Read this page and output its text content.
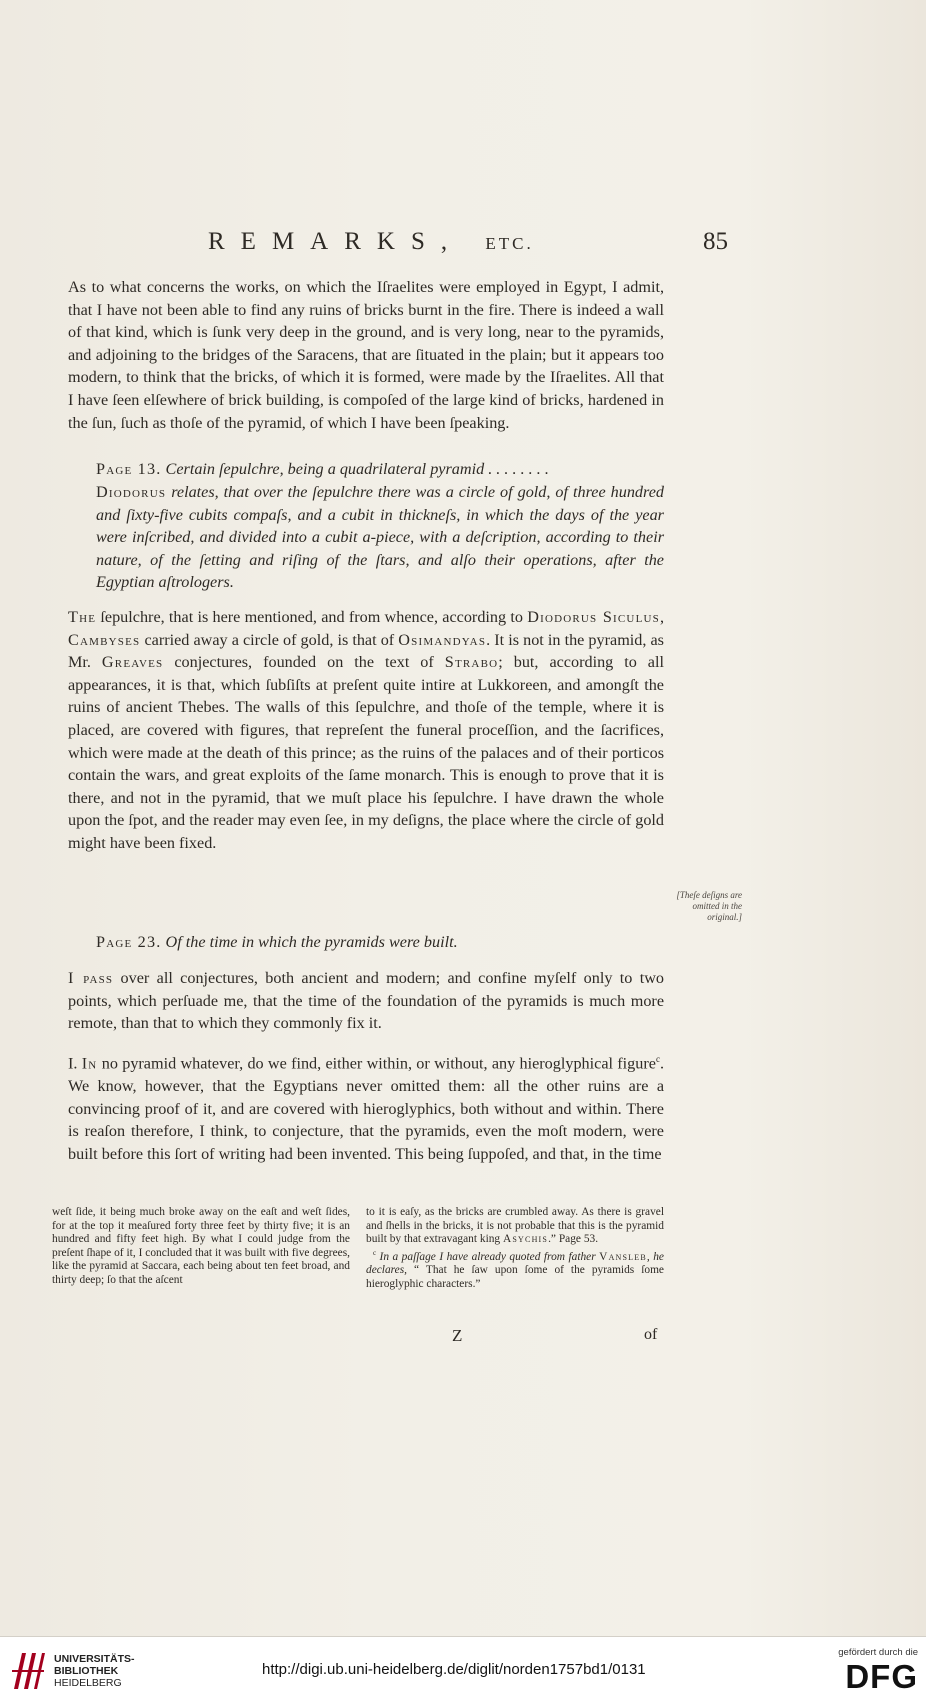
REMARKS, ETC.	85

As to what concerns the works, on which the Iſraelites were employed in Egypt, I admit, that I have not been able to find any ruins of bricks burnt in the fire. There is indeed a wall of that kind, which is ſunk very deep in the ground, and is very long, near to the pyramids, and adjoining to the bridges of the Saracens, that are ſituated in the plain; but it appears too modern, to think that the bricks, of which it is formed, were made by the Iſraelites. All that I have ſeen elſewhere of brick building, is compoſed of the large kind of bricks, hardened in the ſun, ſuch as thoſe of the pyramid, of which I have been ſpeaking.

Page 13. Certain ſepulchre, being a quadrilateral pyramid . . . . . . . .

Diodorus relates, that over the ſepulchre there was a circle of gold, of three hundred and ſixty-five cubits compaſs, and a cubit in thickneſs, in which the days of the year were inſcribed, and divided into a cubit a-piece, with a deſcription, according to their nature, of the ſetting and riſing of the ſtars, and alſo their operations, after the Egyptian aſtrologers.

The ſepulchre, that is here mentioned, and from whence, according to Diodorus Siculus, Cambyses carried away a circle of gold, is that of Osimandyas. It is not in the pyramid, as Mr. Greaves conjectures, founded on the text of Strabo; but, according to all appearances, it is that, which ſubſiſts at preſent quite intire at Lukkoreen, and amongſt the ruins of ancient Thebes. The walls of this ſepulchre, and thoſe of the temple, where it is placed, are covered with figures, that repreſent the funeral proceſſion, and the ſacrifices, which were made at the death of this prince; as the ruins of the palaces and of their porticos contain the wars, and great exploits of the ſame monarch. This is enough to prove that it is there, and not in the pyramid, that we muſt place his ſepulchre. I have drawn the whole upon the ſpot, and the reader may even ſee, in my deſigns, the place where the circle of gold might have been fixed.

[Theſe deſigns are omitted in the original.]

Page 23. Of the time in which the pyramids were built.

I pass over all conjectures, both ancient and modern; and confine myſelf only to two points, which perſuade me, that the time of the foundation of the pyramids is much more remote, than that to which they commonly fix it.

I. In no pyramid whatever, do we find, either within, or without, any hieroglyphical figure$^c$. We know, however, that the Egyptians never omitted them: all the other ruins are a convincing proof of it, and are covered with hieroglyphics, both without and within. There is reaſon therefore, I think, to conjecture, that the pyramids, even the moſt modern, were built before this ſort of writing had been invented. This being ſuppoſed, and that, in the time

weſt ſide, it being much broke away on the eaſt and weſt ſides, for at the top it meaſured forty three feet by thirty five; it is an hundred and fifty feet high. By what I could judge from the preſent ſhape of it, I concluded that it was built with five degrees, like the pyramid at Saccara, each being about ten feet broad, and thirty deep; ſo that the aſcent
to it is eaſy, as the bricks are crumbled away. As there is gravel and ſhells in the bricks, it is not probable that this is the pyramid built by that extravagant king Asychis.” Page 53.
$^c$ In a paſſage I have already quoted from father Vansleb, he declares, “ That he ſaw upon ſome of the pyramids ſome hieroglyphic characters.”
Z	of
UNIVERSITÄTS-
BIBLIOTHEK
HEIDELBERG
http://digi.ub.uni-heidelberg.de/diglit/norden1757bd1/0131
gefördert durch die
DFG
